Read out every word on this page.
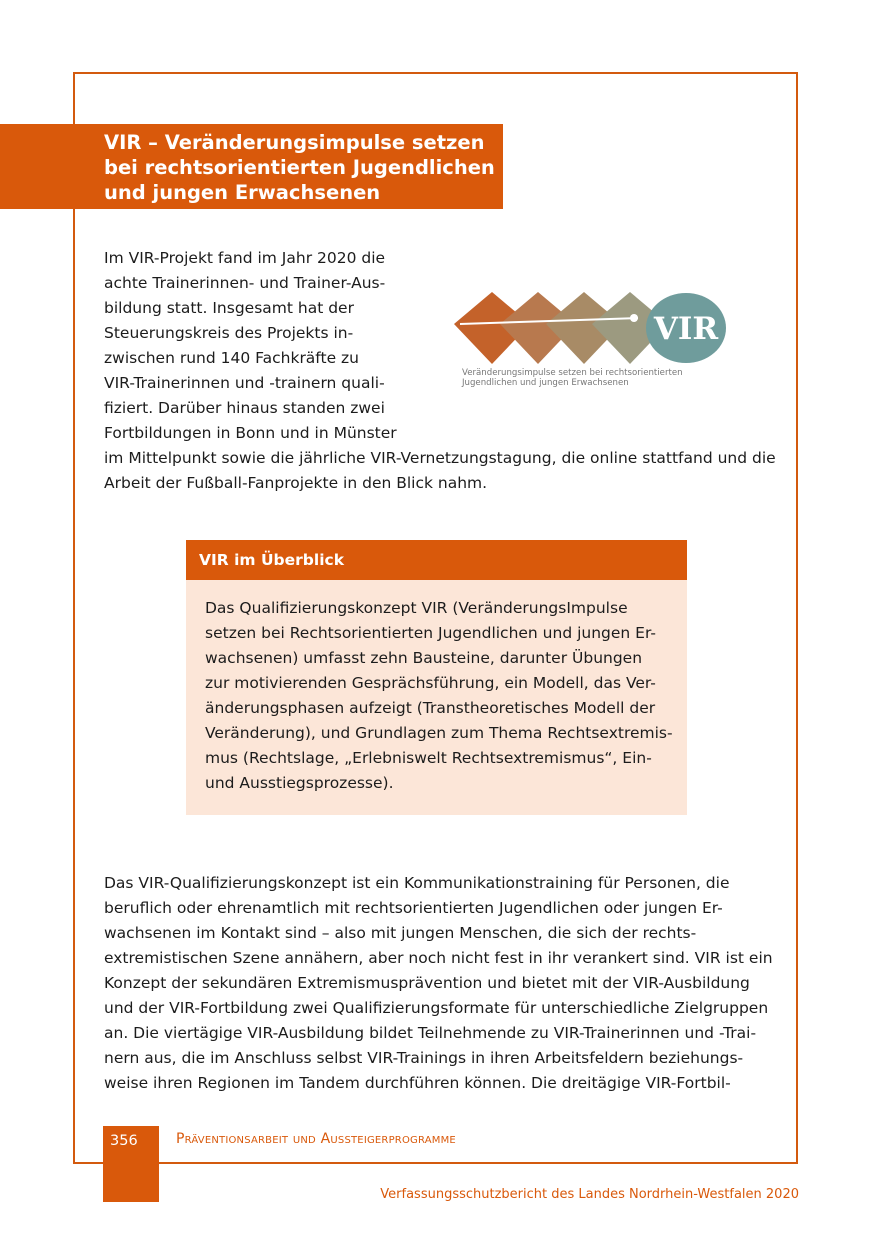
VIR – Veränderungsimpulse setzen
bei rechtsorientierten Jugendlichen
und jungen Erwachsenen

Im VIR-Projekt fand im Jahr 2020 die
achte Trainerinnen- und Trainer-Aus-
bildung statt. Insgesamt hat der
Steuerungskreis des Projekts in-
zwischen rund 140 Fachkräfte zu
VIR-Trainerinnen und -trainern quali-
fiziert. Darüber hinaus standen zwei
Fortbildungen in Bonn und in Münster
im Mittelpunkt sowie die jährliche VIR-Vernetzungstagung, die online stattfand und die
Arbeit der Fußball-Fanprojekte in den Blick nahm.

VIR
Veränderungsimpulse setzen bei rechtsorientierten
Jugendlichen und jungen Erwachsenen
VIR im Überblick

Das Qualifizierungskonzept VIR (VeränderungsImpulse
setzen bei Rechtsorientierten Jugendlichen und jungen Er-
wachsenen) umfasst zehn Bausteine, darunter Übungen
zur motivierenden Gesprächsführung, ein Modell, das Ver-
änderungsphasen aufzeigt (Transtheoretisches Modell der
Veränderung), und Grundlagen zum Thema Rechtsextremis-
mus (Rechtslage, „Erlebniswelt Rechtsextremismus“, Ein-
und Ausstiegsprozesse).

Das VIR-Qualifizierungskonzept ist ein Kommunikationstraining für Personen, die
beruflich oder ehrenamtlich mit rechtsorientierten Jugendlichen oder jungen Er-
wachsenen im Kontakt sind – also mit jungen Menschen, die sich der rechts-
extremistischen Szene annähern, aber noch nicht fest in ihr verankert sind. VIR ist ein
Konzept der sekundären Extremismusprävention und bietet mit der VIR-Ausbildung
und der VIR-Fortbildung zwei Qualifizierungsformate für unterschiedliche Zielgruppen
an. Die viertägige VIR-Ausbildung bildet Teilnehmende zu VIR-Trainerinnen und -Trai-
nern aus, die im Anschluss selbst VIR-Trainings in ihren Arbeitsfeldern beziehungs-
weise ihren Regionen im Tandem durchführen können. Die dreitägige VIR-Fortbil-

356	Präventionsarbeit und Aussteigerprogramme
Verfassungsschutzbericht des Landes Nordrhein-Westfalen 2020
